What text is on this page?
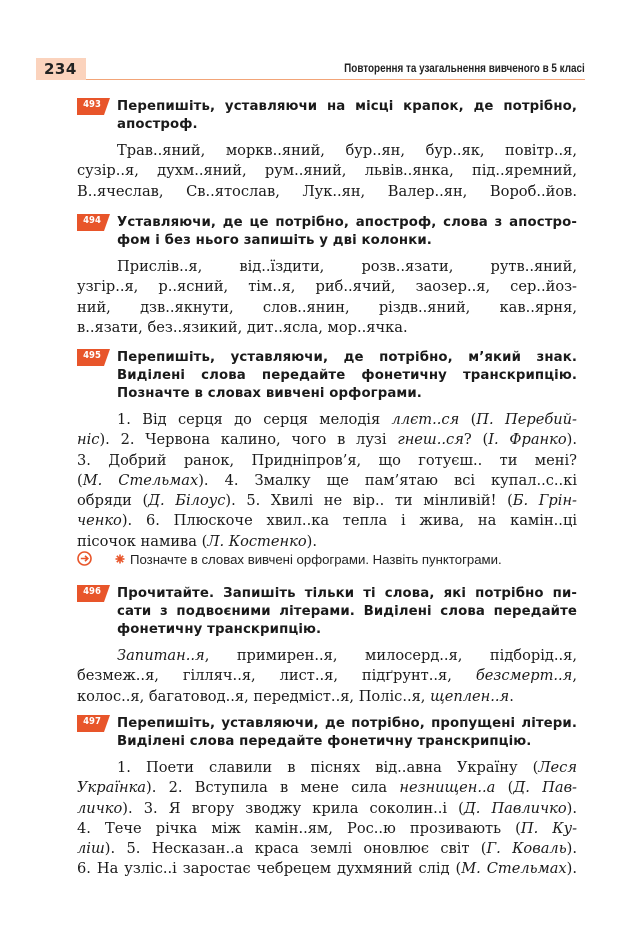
234	Повторення та узагальнення вивченого в 5 класі
493 Перепишіть, уставляючи на місці крапок, де потрібно,
апостроф.
Трав..яний, моркв..яний, бур..ян, бур..як, повітр..я,
сузір..я, духм..яний, рум..яний, львів..янка, під..яремний,
В..ячеслав, Св..ятослав, Лук..ян, Валер..ян, Вороб..йов.
494 Уставляючи, де це потрібно, апостроф, слова з апостро-
фом і без нього запишіть у дві колонки.
Прислів..я, від..їздити, розв..язати, рутв..яний,
узгір..я, р..ясний, тім..я, риб..ячий, заозер..я, сер..йоз-
ний, дзв..якнути, слов..янин, різдв..яний, кав..ярня,
в..язати, без..язикий, дит..ясла, мор..ячка.
495 Перепишіть, уставляючи, де потрібно, м’який знак.
Виділені слова передайте фонетичну транскрипцію.
Позначте в словах вивчені орфограми.
1. Від серця до серця мелодія ллєт..ся (П. Перебий-
ніс). 2. Червона калино, чого в лузі гнеш..ся? (І. Франко).
3. Добрий ранок, Придніпров’я, що готуєш.. ти мені?
(М. Стельмах). 4. Змалку ще пам’ятаю всі купал..с..кі
обряди (Д. Білоус). 5. Хвилі не вір.. ти мінливій! (Б. Грін-
ченко). 6. Плюскоче хвил..ка тепла і жива, на камін..ці
пісочок намива (Л. Костенко).
Позначте в словах вивчені орфограми. Назвіть пунктограми.
496 Прочитайте. Запишіть тільки ті слова, які потрібно пи-
сати з подвоєними літерами. Виділені слова передайте
фонетичну транскрипцію.
Запитан..я, примирен..я, милосерд..я, підборід..я,
безмеж..я, гілляч..я, лист..я, підґрунт..я, безсмерт..я,
колос..я, багатовод..я, передміст..я, Поліс..я, щеплен..я.
497 Перепишіть, уставляючи, де потрібно, пропущені літери.
Виділені слова передайте фонетичну транскрипцію.
1. Поети славили в піснях від..авна Україну (Леся
Українка). 2. Вступила в мене сила незнищен..а (Д. Пав-
личко). 3. Я вгору зводжу крила соколин..і (Д. Павличко).
4. Тече річка між камін..ям, Рос..ю прозивають (П. Ку-
ліш). 5. Несказан..а краса землі оновлює світ (Г. Коваль).
6. На узліс..і заростає чебрецем духмяний слід (М. Стельмах).
